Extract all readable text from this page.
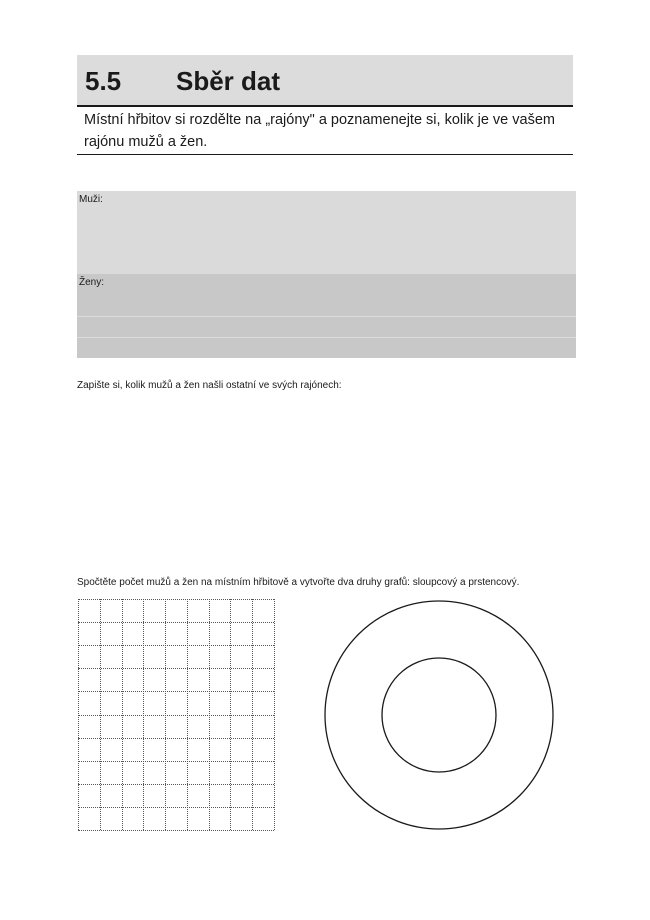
5.5 Sběr dat
Místní hřbitov si rozdělte na „rajóny" a poznamenejte si, kolik je ve vašem rajónu mužů a žen.
Muži:
Ženy:
Zapište si, kolik mužů a žen našli ostatní ve svých rajónech:
Spočtěte počet mužů a žen na místním hřbitově a vytvořte dva druhy grafů: sloupcový a prstencový.
